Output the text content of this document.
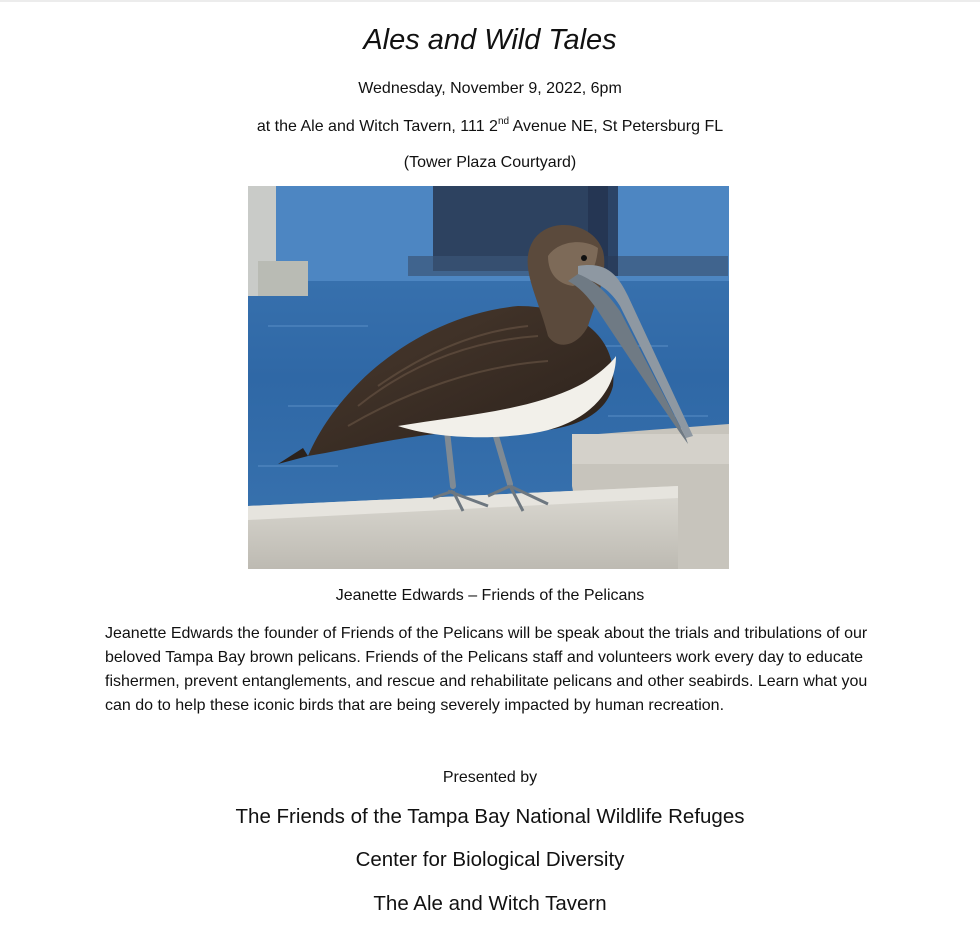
Ales and Wild Tales
Wednesday, November 9, 2022, 6pm
at the Ale and Witch Tavern, 111 2nd Avenue NE, St Petersburg FL
(Tower Plaza Courtyard)
Jeanette Edwards – Friends of the Pelicans

Jeanette Edwards the founder of Friends of the Pelicans will be speak about the trials and tribulations of our beloved Tampa Bay brown pelicans. Friends of the Pelicans staff and volunteers work every day to educate fishermen, prevent entanglements, and rescue and rehabilitate pelicans and other seabirds. Learn what you can do to help these iconic birds that are being severely impacted by human recreation.

Presented by
The Friends of the Tampa Bay National Wildlife Refuges
Center for Biological Diversity
The Ale and Witch Tavern
